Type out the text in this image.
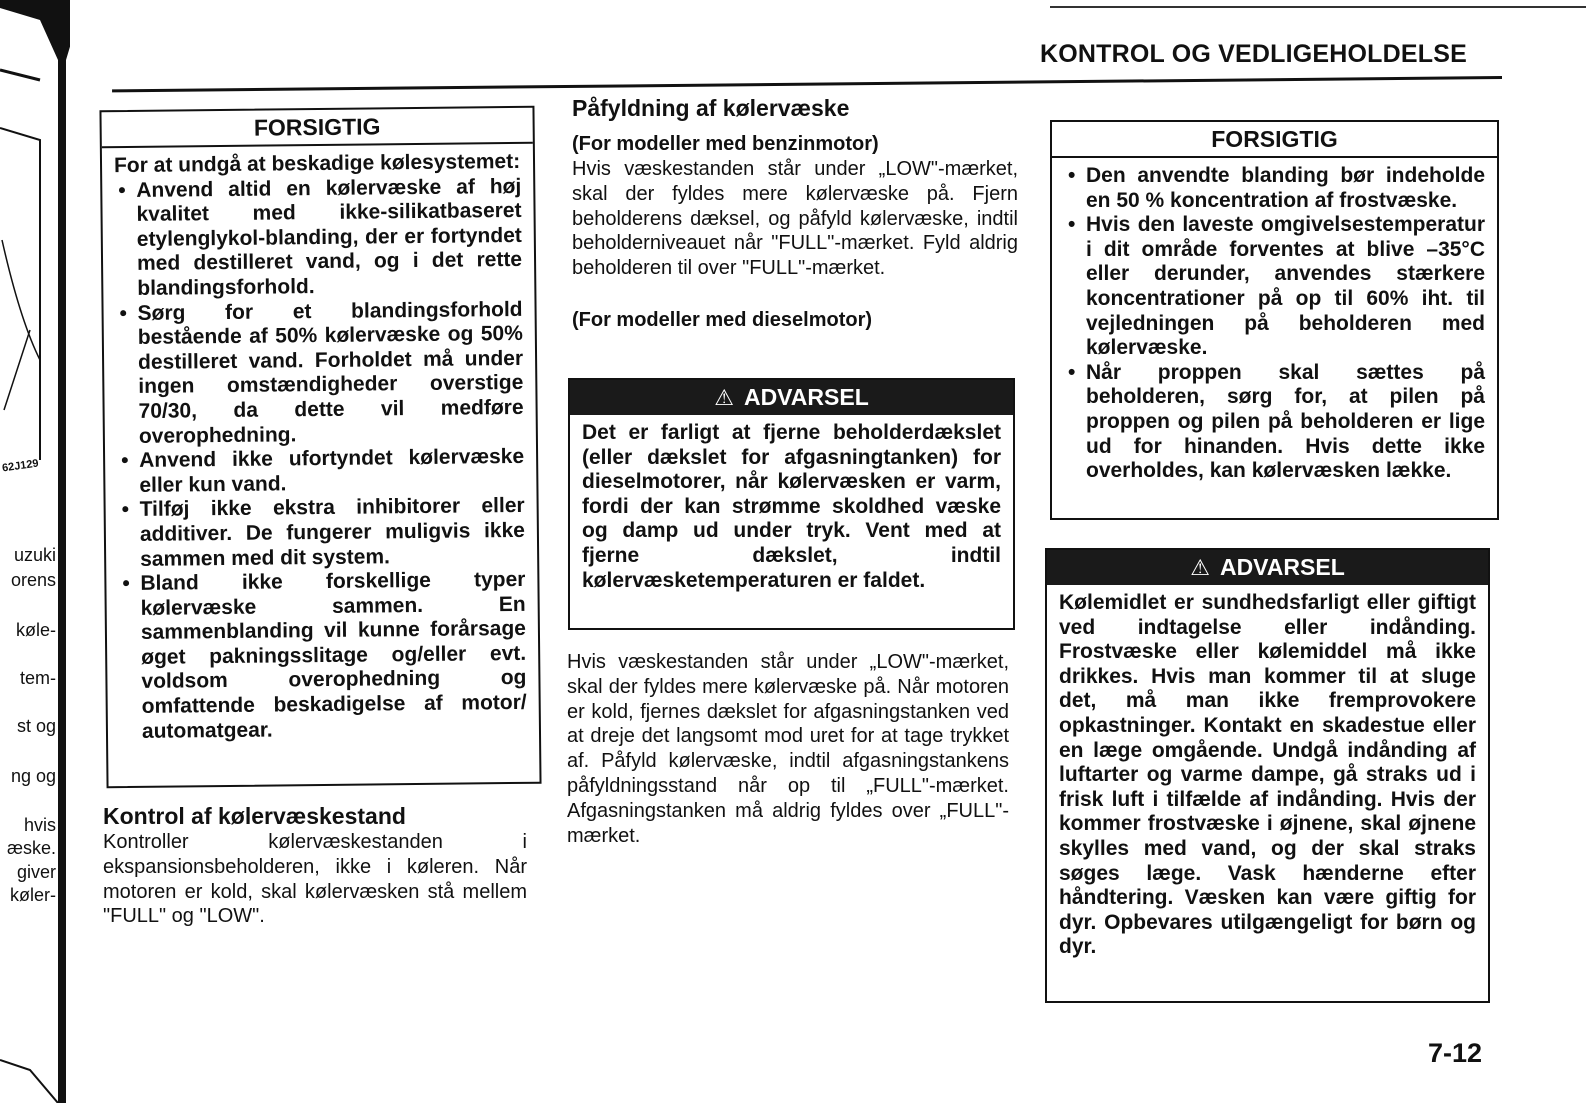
62J129
uzuki
orens
køle-
tem-
st og
ng og
hvis
æske.
giver
køler-
KONTROL OG VEDLIGEHOLDELSE
FORSIGTIG
For at undgå at beskadige kølesystemet:
• Anvend altid en kølervæske af høj kvalitet med ikke-silikatbaseret etylenglykol-blanding, der er fortyndet med destilleret vand, og i det rette blandingsforhold.
• Sørg for et blandingsforhold bestående af 50% kølervæske og 50% destilleret vand. Forholdet må under ingen omstændigheder overstige 70/30, da dette vil medføre overophedning.
• Anvend ikke ufortyndet kølervæske eller kun vand.
• Tilføj ikke ekstra inhibitorer eller additiver. De fungerer muligvis ikke sammen med dit system.
• Bland ikke forskellige typer kølervæske sammen. En sammenblanding vil kunne forårsage øget pakningsslitage og/eller evt. voldsom overophedning og omfattende beskadigelse af motor/ automatgear.
Kontrol af kølervæskestand
Kontroller kølervæskestanden i ekspansionsbeholderen, ikke i køleren. Når motoren er kold, skal kølervæsken stå mellem "FULL" og "LOW".
Påfyldning af kølervæske
(For modeller med benzinmotor)
Hvis væskestanden står under „LOW"-mærket, skal der fyldes mere kølervæske på. Fjern beholderens dæksel, og påfyld kølervæske, indtil beholderniveauet når "FULL"-mærket. Fyld aldrig beholderen til over "FULL"-mærket.
(For modeller med dieselmotor)
⚠ ADVARSEL
Det er farligt at fjerne beholderdækslet (eller dækslet for afgasningtanken) for dieselmotorer, når kølervæsken er varm, fordi der kan strømme skoldhed væske og damp ud under tryk. Vent med at fjerne dækslet, indtil kølervæsketemperaturen er faldet.
Hvis væskestanden står under „LOW"-mærket, skal der fyldes mere kølervæske på. Når motoren er kold, fjernes dækslet for afgasningstanken ved at dreje det langsomt mod uret for at tage trykket af. Påfyld kølervæske, indtil afgasningstankens påfyldningsstand når op til „FULL"-mærket. Afgasningstanken må aldrig fyldes over „FULL"-mærket.
FORSIGTIG
• Den anvendte blanding bør indeholde en 50 % koncentration af frostvæske.
• Hvis den laveste omgivelsestemperatur i dit område forventes at blive –35°C eller derunder, anvendes stærkere koncentrationer på op til 60% iht. til vejledningen på beholderen med kølervæske.
• Når proppen skal sættes på beholderen, sørg for, at pilen på proppen og pilen på beholderen er lige ud for hinanden. Hvis dette ikke overholdes, kan kølervæsken lække.
⚠ ADVARSEL
Kølemidlet er sundhedsfarligt eller giftigt ved indtagelse eller indånding. Frostvæske eller kølemiddel må ikke drikkes. Hvis man kommer til at sluge det, må man ikke fremprovokere opkastninger. Kontakt en skadestue eller en læge omgående. Undgå indånding af luftarter og varme dampe, gå straks ud i frisk luft i tilfælde af indånding. Hvis der kommer frostvæske i øjnene, skal øjnene skylles med vand, og der skal straks søges læge. Vask hænderne efter håndtering. Væsken kan være giftig for dyr. Opbevares utilgængeligt for børn og dyr.
7-12
